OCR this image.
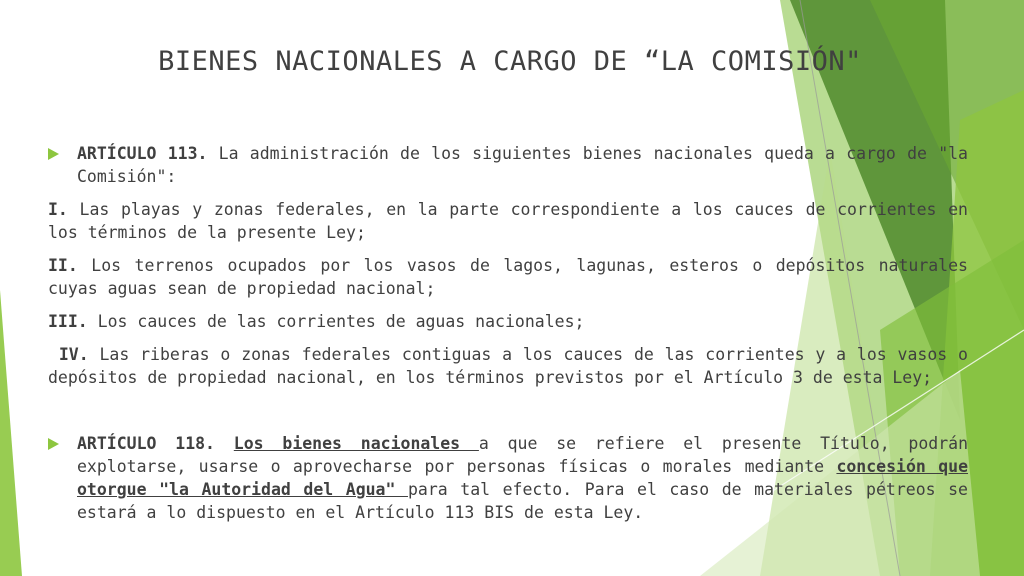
BIENES NACIONALES A CARGO DE “LA COMISIÓN"

ARTÍCULO 113. La administración de los siguientes bienes nacionales queda a cargo de "la Comisión":

I. Las playas y zonas federales, en la parte correspondiente a los cauces de corrientes en los términos de la presente Ley;

II. Los terrenos ocupados por los vasos de lagos, lagunas, esteros o depósitos naturales cuyas aguas sean de propiedad nacional;

III. Los cauces de las corrientes de aguas nacionales;

IV. Las riberas o zonas federales contiguas a los cauces de las corrientes y a los vasos o depósitos de propiedad nacional, en los términos previstos por el Artículo 3 de esta Ley;

ARTÍCULO 118. Los bienes nacionales a que se refiere el presente Título, podrán explotarse, usarse o aprovecharse por personas físicas o morales mediante concesión que otorgue "la Autoridad del Agua" para tal efecto. Para el caso de materiales pétreos se estará a lo dispuesto en el Artículo 113 BIS de esta Ley.
